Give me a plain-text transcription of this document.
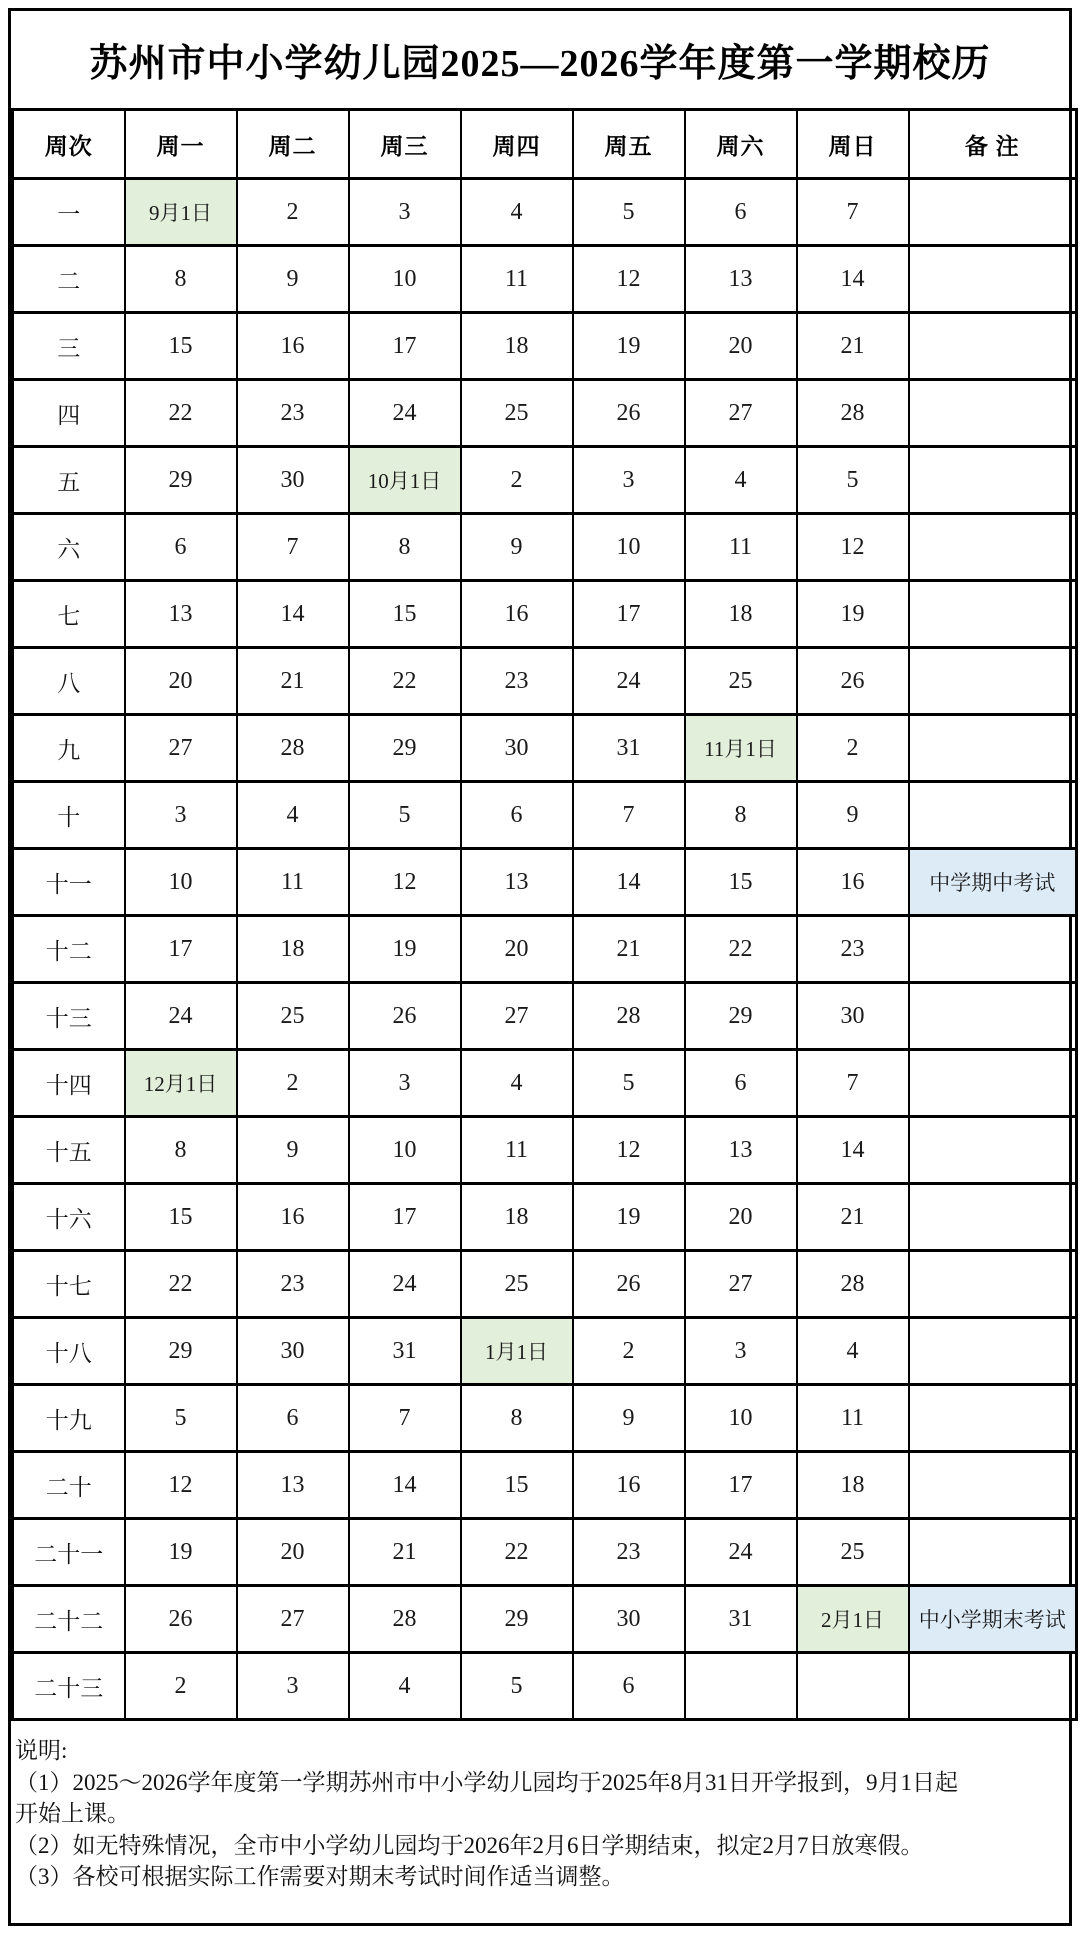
苏州市中小学幼儿园2025—2026学年度第一学期校历
周次	周一	周二	周三	周四	周五	周六	周日	备 注
一	9月1日	2	3	4	5	6	7	
二	8	9	10	11	12	13	14	
三	15	16	17	18	19	20	21	
四	22	23	24	25	26	27	28	
五	29	30	10月1日	2	3	4	5	
六	6	7	8	9	10	11	12	
七	13	14	15	16	17	18	19	
八	20	21	22	23	24	25	26	
九	27	28	29	30	31	11月1日	2	
十	3	4	5	6	7	8	9	
十一	10	11	12	13	14	15	16	中学期中考试
十二	17	18	19	20	21	22	23	
十三	24	25	26	27	28	29	30	
十四	12月1日	2	3	4	5	6	7	
十五	8	9	10	11	12	13	14	
十六	15	16	17	18	19	20	21	
十七	22	23	24	25	26	27	28	
十八	29	30	31	1月1日	2	3	4	
十九	5	6	7	8	9	10	11	
二十	12	13	14	15	16	17	18	
二十一	19	20	21	22	23	24	25	
二十二	26	27	28	29	30	31	2月1日	中小学期末考试
二十三	2	3	4	5	6			
说明:
（1）2025～2026学年度第一学期苏州市中小学幼儿园均于2025年8月31日开学报到，9月1日起
开始上课。
（2）如无特殊情况，全市中小学幼儿园均于2026年2月6日学期结束，拟定2月7日放寒假。
（3）各校可根据实际工作需要对期末考试时间作适当调整。
